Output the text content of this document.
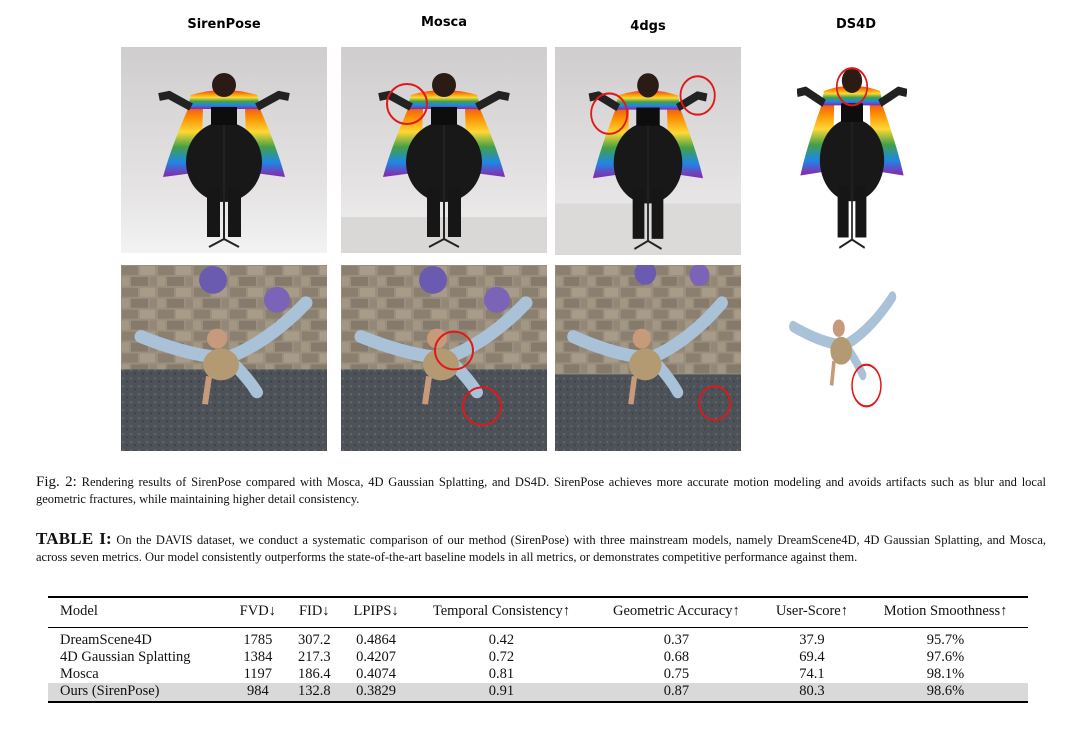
SirenPose	Mosca	4dgs	DS4D
Fig. 2: Rendering results of SirenPose compared with Mosca, 4D Gaussian Splatting, and DS4D. SirenPose achieves more accurate motion modeling and avoids artifacts such as blur and local geometric fractures, while maintaining higher detail consistency.
TABLE I: On the DAVIS dataset, we conduct a systematic comparison of our method (SirenPose) with three mainstream models, namely DreamScene4D, 4D Gaussian Splatting, and Mosca, across seven metrics. Our model consistently outperforms the state-of-the-art baseline models in all metrics, or demonstrates competitive performance against them.
Model	FVD↓	FID↓	LPIPS↓	Temporal Consistency↑	Geometric Accuracy↑	User-Score↑	Motion Smoothness↑
DreamScene4D	1785	307.2	0.4864	0.42	0.37	37.9	95.7%
4D Gaussian Splatting	1384	217.3	0.4207	0.72	0.68	69.4	97.6%
Mosca	1197	186.4	0.4074	0.81	0.75	74.1	98.1%
Ours (SirenPose)	984	132.8	0.3829	0.91	0.87	80.3	98.6%
